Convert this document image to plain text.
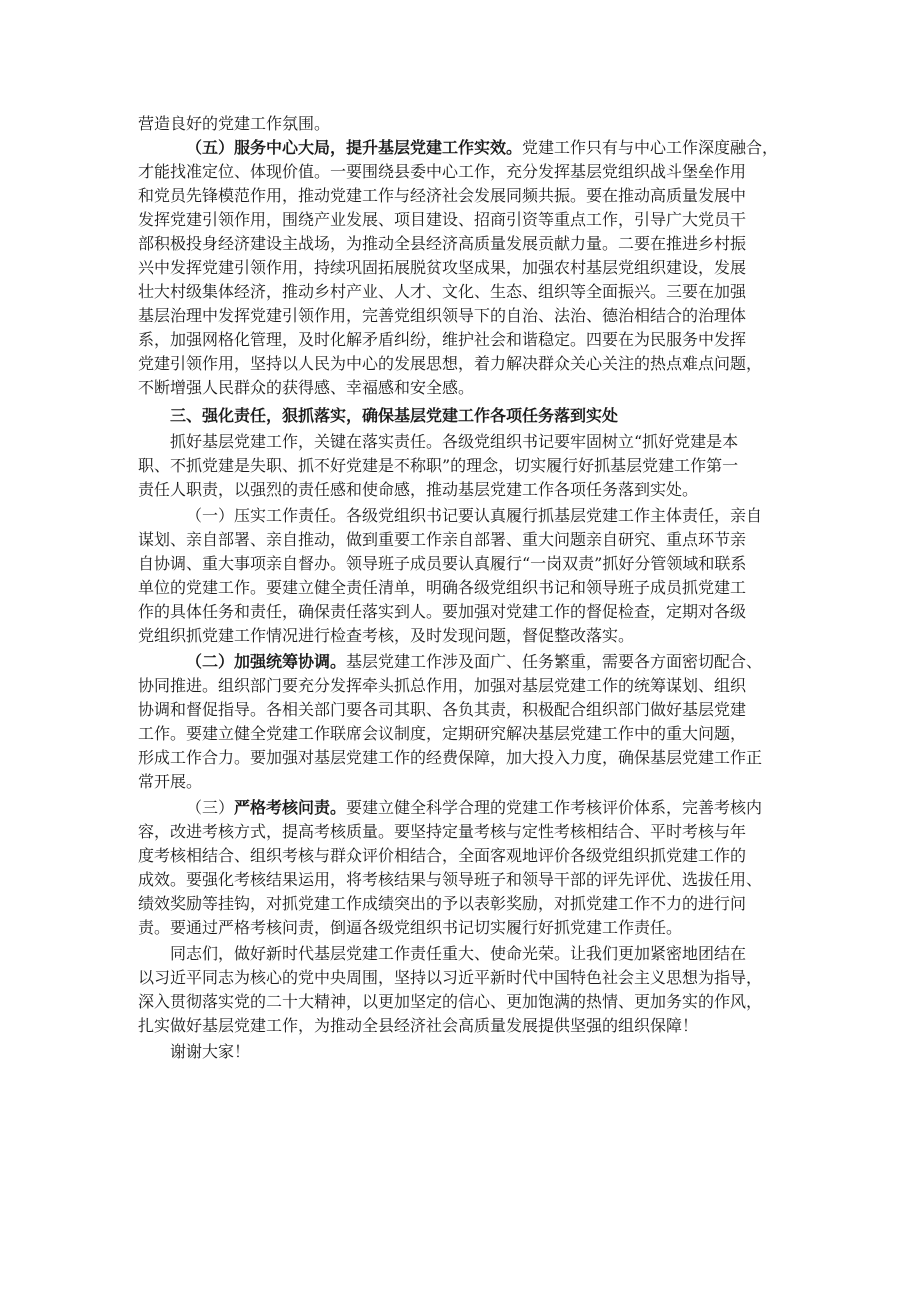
营造良好的党建工作氛围。
（五）服务中心大局，提升基层党建工作实效。党建工作只有与中心工作深度融合，
才能找准定位、体现价值。一要围绕县委中心工作，充分发挥基层党组织战斗堡垒作用
和党员先锋模范作用，推动党建工作与经济社会发展同频共振。要在推动高质量发展中
发挥党建引领作用，围绕产业发展、项目建设、招商引资等重点工作，引导广大党员干
部积极投身经济建设主战场，为推动全县经济高质量发展贡献力量。二要在推进乡村振
兴中发挥党建引领作用，持续巩固拓展脱贫攻坚成果，加强农村基层党组织建设，发展
壮大村级集体经济，推动乡村产业、人才、文化、生态、组织等全面振兴。三要在加强
基层治理中发挥党建引领作用，完善党组织领导下的自治、法治、德治相结合的治理体
系，加强网格化管理，及时化解矛盾纠纷，维护社会和谐稳定。四要在为民服务中发挥
党建引领作用，坚持以人民为中心的发展思想，着力解决群众关心关注的热点难点问题，
不断增强人民群众的获得感、幸福感和安全感。
三、强化责任，狠抓落实，确保基层党建工作各项任务落到实处
抓好基层党建工作，关键在落实责任。各级党组织书记要牢固树立“抓好党建是本
职、不抓党建是失职、抓不好党建是不称职”的理念，切实履行好抓基层党建工作第一
责任人职责，以强烈的责任感和使命感，推动基层党建工作各项任务落到实处。
（一）压实工作责任。各级党组织书记要认真履行抓基层党建工作主体责任，亲自
谋划、亲自部署、亲自推动，做到重要工作亲自部署、重大问题亲自研究、重点环节亲
自协调、重大事项亲自督办。领导班子成员要认真履行“一岗双责”抓好分管领域和联系
单位的党建工作。要建立健全责任清单，明确各级党组织书记和领导班子成员抓党建工
作的具体任务和责任，确保责任落实到人。要加强对党建工作的督促检查，定期对各级
党组织抓党建工作情况进行检查考核，及时发现问题，督促整改落实。
（二）加强统筹协调。基层党建工作涉及面广、任务繁重，需要各方面密切配合、
协同推进。组织部门要充分发挥牵头抓总作用，加强对基层党建工作的统筹谋划、组织
协调和督促指导。各相关部门要各司其职、各负其责，积极配合组织部门做好基层党建
工作。要建立健全党建工作联席会议制度，定期研究解决基层党建工作中的重大问题，
形成工作合力。要加强对基层党建工作的经费保障，加大投入力度，确保基层党建工作正
常开展。
（三）严格考核问责。要建立健全科学合理的党建工作考核评价体系，完善考核内
容，改进考核方式，提高考核质量。要坚持定量考核与定性考核相结合、平时考核与年
度考核相结合、组织考核与群众评价相结合，全面客观地评价各级党组织抓党建工作的
成效。要强化考核结果运用，将考核结果与领导班子和领导干部的评先评优、选拔任用、
绩效奖励等挂钩，对抓党建工作成绩突出的予以表彰奖励，对抓党建工作不力的进行问
责。要通过严格考核问责，倒逼各级党组织书记切实履行好抓党建工作责任。
同志们，做好新时代基层党建工作责任重大、使命光荣。让我们更加紧密地团结在
以习近平同志为核心的党中央周围，坚持以习近平新时代中国特色社会主义思想为指导，
深入贯彻落实党的二十大精神，以更加坚定的信心、更加饱满的热情、更加务实的作风，
扎实做好基层党建工作，为推动全县经济社会高质量发展提供坚强的组织保障！
谢谢大家！
